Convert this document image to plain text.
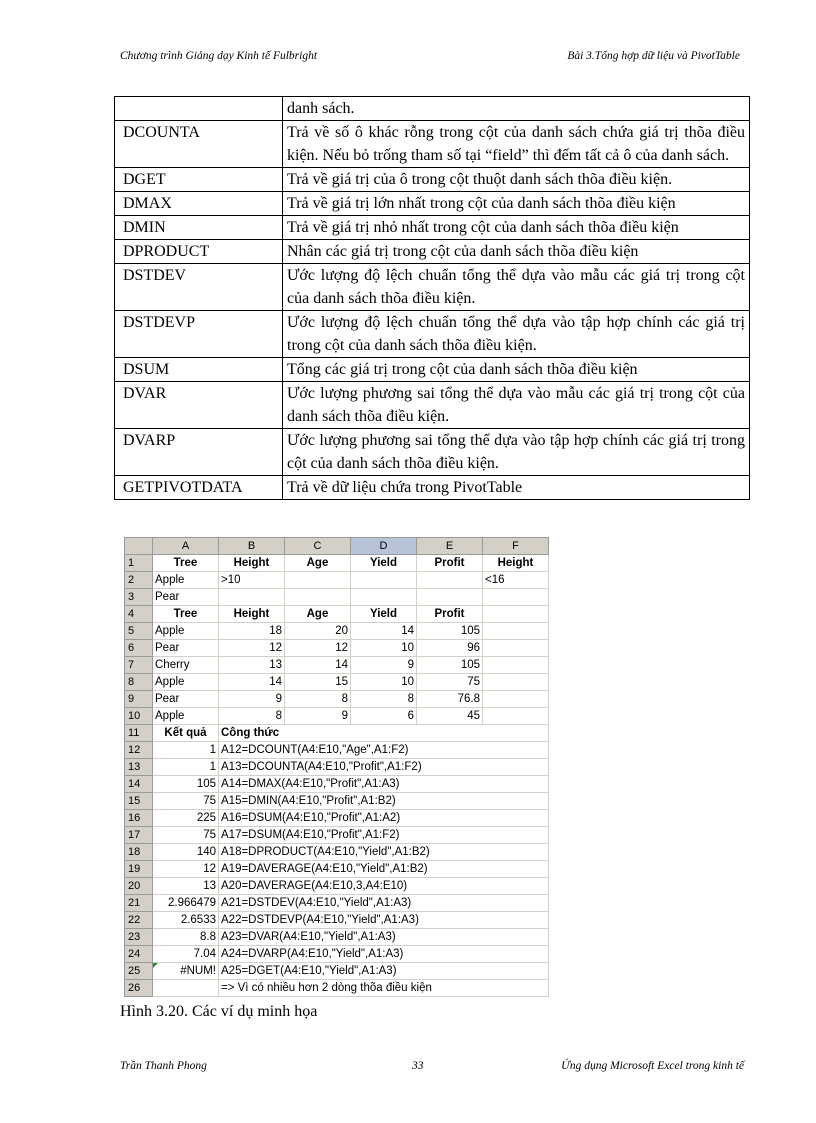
Chương trình Giảng dạy Kinh tế Fulbright	Bài 3.Tổng hợp dữ liệu và PivotTable
	danh sách.
DCOUNTA	Trả về số ô khác rỗng trong cột của danh sách chứa giá trị thõa điều kiện. Nếu bỏ trống tham số tại “field” thì đếm tất cả ô của danh sách.
DGET	Trả về giá trị của ô trong cột thuột danh sách thõa điều kiện.
DMAX	Trả về giá trị lớn nhất trong cột của danh sách thõa điều kiện
DMIN	Trả về giá trị nhỏ nhất trong cột của danh sách thõa điều kiện
DPRODUCT	Nhân các giá trị trong cột của danh sách thõa điều kiện
DSTDEV	Ước lượng độ lệch chuẩn tổng thể dựa vào mẫu các giá trị trong cột của danh sách thõa điều kiện.
DSTDEVP	Ước lượng độ lệch chuẩn tổng thể dựa vào tập hợp chính các giá trị trong cột của danh sách thõa điều kiện.
DSUM	Tổng các giá trị trong cột của danh sách thõa điều kiện
DVAR	Ước lượng phương sai tổng thể dựa vào mẫu các giá trị trong cột của danh sách thõa điều kiện.
DVARP	Ước lượng phương sai tổng thể dựa vào tập hợp chính các giá trị trong cột của danh sách thõa điều kiện.
GETPIVOTDATA	Trả về dữ liệu chứa trong PivotTable
	A	B	C	D	E	F
1	Tree	Height	Age	Yield	Profit	Height
2	Apple	>10				<16
3	Pear					
4	Tree	Height	Age	Yield	Profit	
5	Apple	18	20	14	105	
6	Pear	12	12	10	96	
7	Cherry	13	14	9	105	
8	Apple	14	15	10	75	
9	Pear	9	8	8	76.8	
10	Apple	8	9	6	45	
11	Kết quả	Công thức				
12	1	A12=DCOUNT(A4:E10,"Age",A1:F2)				
13	1	A13=DCOUNTA(A4:E10,"Profit",A1:F2)				
14	105	A14=DMAX(A4:E10,"Profit",A1:A3)				
15	75	A15=DMIN(A4:E10,"Profit",A1:B2)				
16	225	A16=DSUM(A4:E10,"Profit",A1:A2)				
17	75	A17=DSUM(A4:E10,"Profit",A1:F2)				
18	140	A18=DPRODUCT(A4:E10,"Yield",A1:B2)				
19	12	A19=DAVERAGE(A4:E10,"Yield",A1:B2)				
20	13	A20=DAVERAGE(A4:E10,3,A4:E10)				
21	2.966479	A21=DSTDEV(A4:E10,"Yield",A1:A3)				
22	2.6533	A22=DSTDEVP(A4:E10,"Yield",A1:A3)				
23	8.8	A23=DVAR(A4:E10,"Yield",A1:A3)				
24	7.04	A24=DVARP(A4:E10,"Yield",A1:A3)				
25	#NUM!	A25=DGET(A4:E10,"Yield",A1:A3)				
26		=> Vì có nhiều hơn 2 dòng thõa điều kiện				
Hình 3.20. Các ví dụ minh họa
Trần Thanh Phong	33	Ứng dụng Microsoft Excel trong kinh tế
